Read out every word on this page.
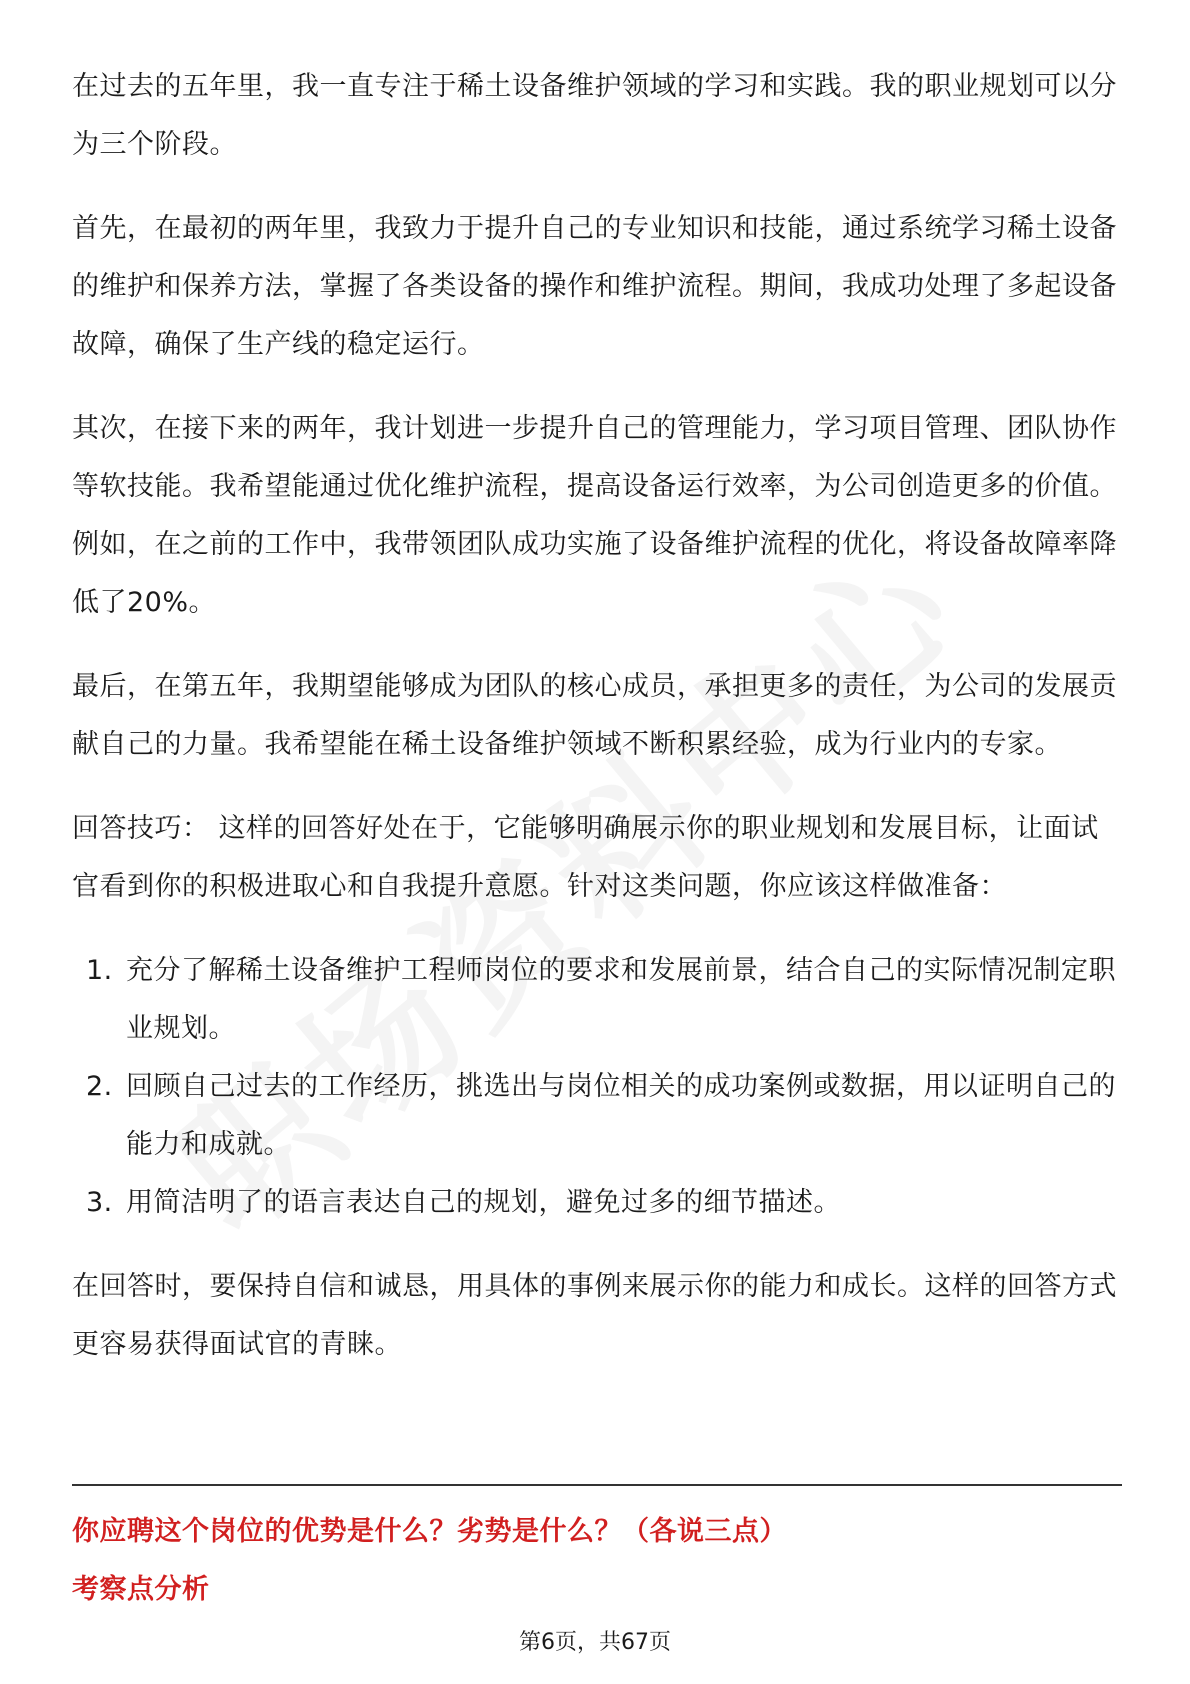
在过去的五年里，我一直专注于稀土设备维护领域的学习和实践。我的职业规划可以分为三个阶段。

首先，在最初的两年里，我致力于提升自己的专业知识和技能，通过系统学习稀土设备的维护和保养方法，掌握了各类设备的操作和维护流程。期间，我成功处理了多起设备故障，确保了生产线的稳定运行。

其次，在接下来的两年，我计划进一步提升自己的管理能力，学习项目管理、团队协作等软技能。我希望能通过优化维护流程，提高设备运行效率，为公司创造更多的价值。例如，在之前的工作中，我带领团队成功实施了设备维护流程的优化，将设备故障率降低了20%。

最后，在第五年，我期望能够成为团队的核心成员，承担更多的责任，为公司的发展贡献自己的力量。我希望能在稀土设备维护领域不断积累经验，成为行业内的专家。

回答技巧： 这样的回答好处在于，它能够明确展示你的职业规划和发展目标，让面试官看到你的积极进取心和自我提升意愿。针对这类问题，你应该这样做准备：

1. 充分了解稀土设备维护工程师岗位的要求和发展前景，结合自己的实际情况制定职业规划。
2. 回顾自己过去的工作经历，挑选出与岗位相关的成功案例或数据，用以证明自己的能力和成就。
3. 用简洁明了的语言表达自己的规划，避免过多的细节描述。

在回答时，要保持自信和诚恳，用具体的事例来展示你的能力和成长。这样的回答方式更容易获得面试官的青睐。

你应聘这个岗位的优势是什么？劣势是什么？（各说三点）
考察点分析
第6页，共67页
